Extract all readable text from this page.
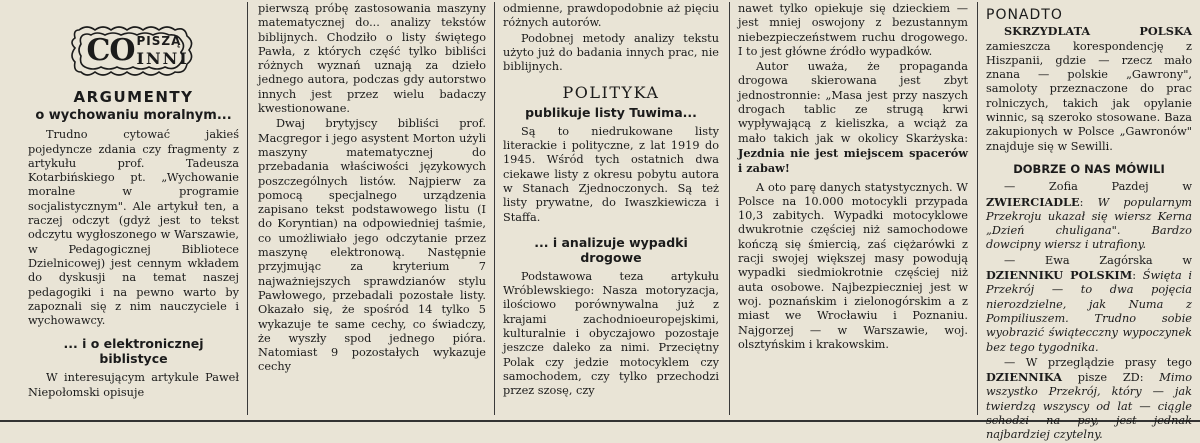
CO PISZĄ
INNI
ARGUMENTY
o wychowaniu moralnym...

Trudno cytować jakieś pojedyncze zdania czy fragmenty z artykułu prof. Tadeusza Kotarbińskiego pt. „Wychowanie moralne w programie socjalistycznym". Ale artykuł ten, a raczej odczyt (gdyż jest to tekst odczytu wygłoszonego w Warszawie, w Pedagogicznej Bibliotece Dzielnicowej) jest cennym wkładem do dyskusji na temat naszej pedagogiki i na pewno warto by zapoznali się z nim nauczyciele i wychowawcy.

... i o elektronicznej biblistyce

W interesującym artykule Paweł Niepołomski opisuje

pierwszą próbę zastosowania maszyny matematycznej do... analizy tekstów biblijnych. Chodziło o listy świętego Pawła, z których część tylko bibliści różnych wyznań uznają za dzieło jednego autora, podczas gdy autorstwo innych jest przez wielu badaczy kwestionowane.

Dwaj brytyjscy bibliści prof. Macgregor i jego asystent Morton użyli maszyny matematycznej do przebadania właściwości językowych poszczególnych listów. Najpierw za pomocą specjalnego urządzenia zapisano tekst podstawowego listu (I do Koryntian) na odpowiedniej taśmie, co umożliwiało jego odczytanie przez maszynę elektronową. Następnie przyjmując za kryterium 7 najważniejszych sprawdzianów stylu Pawłowego, przebadali pozostałe listy. Okazało się, że spośród 14 tylko 5 wykazuje te same cechy, co świadczy, że wyszły spod jednego pióra. Natomiast 9 pozostałych wykazuje cechy

odmienne, prawdopodobnie aż pięciu różnych autorów.

Podobnej metody analizy tekstu użyto już do badania innych prac, nie biblijnych.

POLITYKA
publikuje listy Tuwima...

Są to niedrukowane listy literackie i polityczne, z lat 1919 do 1945. Wśród tych ostatnich dwa ciekawe listy z okresu pobytu autora w Stanach Zjednoczonych. Są też listy prywatne, do Iwaszkiewicza i Staffa.

... i analizuje wypadki drogowe

Podstawowa teza artykułu Wróblewskiego: Nasza motoryzacja, ilościowo porównywalna już z krajami zachodnioeuropejskimi, kulturalnie i obyczajowo pozostaje jeszcze daleko za nimi. Przeciętny Polak czy jedzie motocyklem czy samochodem, czy tylko przechodzi przez szosę, czy

nawet tylko opiekuje się dzieckiem — jest mniej oswojony z bezustannym niebezpieczeństwem ruchu drogowego. I to jest główne źródło wypadków.

Autor uważa, że propaganda drogowa skierowana jest zbyt jednostronnie: „Masa jest przy naszych drogach tablic ze strugą krwi wypływającą z kieliszka, a wciąż za mało takich jak w okolicy Skarżyska: Jezdnia nie jest miejscem spacerów i zabaw!

A oto parę danych statystycznych. W Polsce na 10.000 motocykli przypada 10,3 zabitych. Wypadki motocyklowe dwukrotnie częściej niż samochodowe kończą się śmiercią, zaś ciężarówki z racji swojej większej masy powodują wypadki siedmiokrotnie częściej niż auta osobowe. Najbezpieczniej jest w woj. poznańskim i zielonogórskim a z miast we Wrocławiu i Poznaniu. Najgorzej — w Warszawie, woj. olsztyńskim i krakowskim.

PONADTO

SKRZYDLATA POLSKA zamieszcza korespondencję z Hiszpanii, gdzie — rzecz mało znana — polskie „Gawrony", samoloty przeznaczone do prac rolniczych, takich jak opylanie winnic, są szeroko stosowane. Baza zakupionych w Polsce „Gawronów" znajduje się w Sewilli.

DOBRZE O NAS MÓWILI

— Zofia Pazdej w ZWIERCIADLE: W popularnym Przekroju ukazał się wiersz Kerna „Dzień chuligana". Bardzo dowcipny wiersz i utrafiony.

— Ewa Zagórska w DZIENNIKU POLSKIM: Święta i Przekrój — to dwa pojęcia nierozdzielne, jak Numa z Pompiliuszem. Trudno sobie wyobrazić świątecczny wypoczynek bez tego tygodnika.

— W przeglądzie prasy tego DZIENNIKA pisze ZD: Mimo wszystko Przekrój, który — jak twierdzą wszyscy od lat — ciągle schodzi na psy, jest jednak najbardziej czytelny.
